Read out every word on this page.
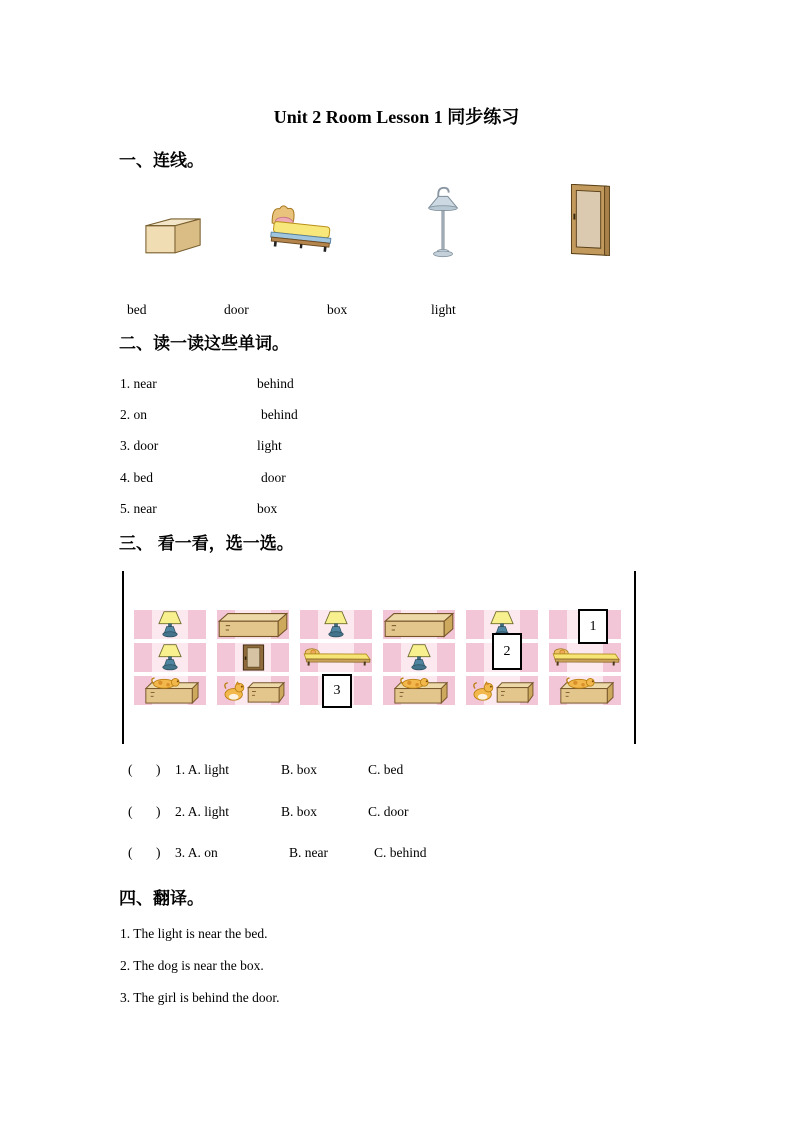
Unit 2 Room Lesson 1 同步练习
一、连线。
bed	door	box	light
二、读一读这些单词。
1. near	behind
2. on	behind
3. door	light
4. bed	door
5. near	box
三、 看一看，选一选。
1
2
3
( ) 1. A. light	B. box	C. bed
( ) 2. A. light	B. box	C. door
( ) 3. A. on	B. near	C. behind
四、翻译。
1. The light is near the bed.
2. The dog is near the box.
3. The girl is behind the door.
